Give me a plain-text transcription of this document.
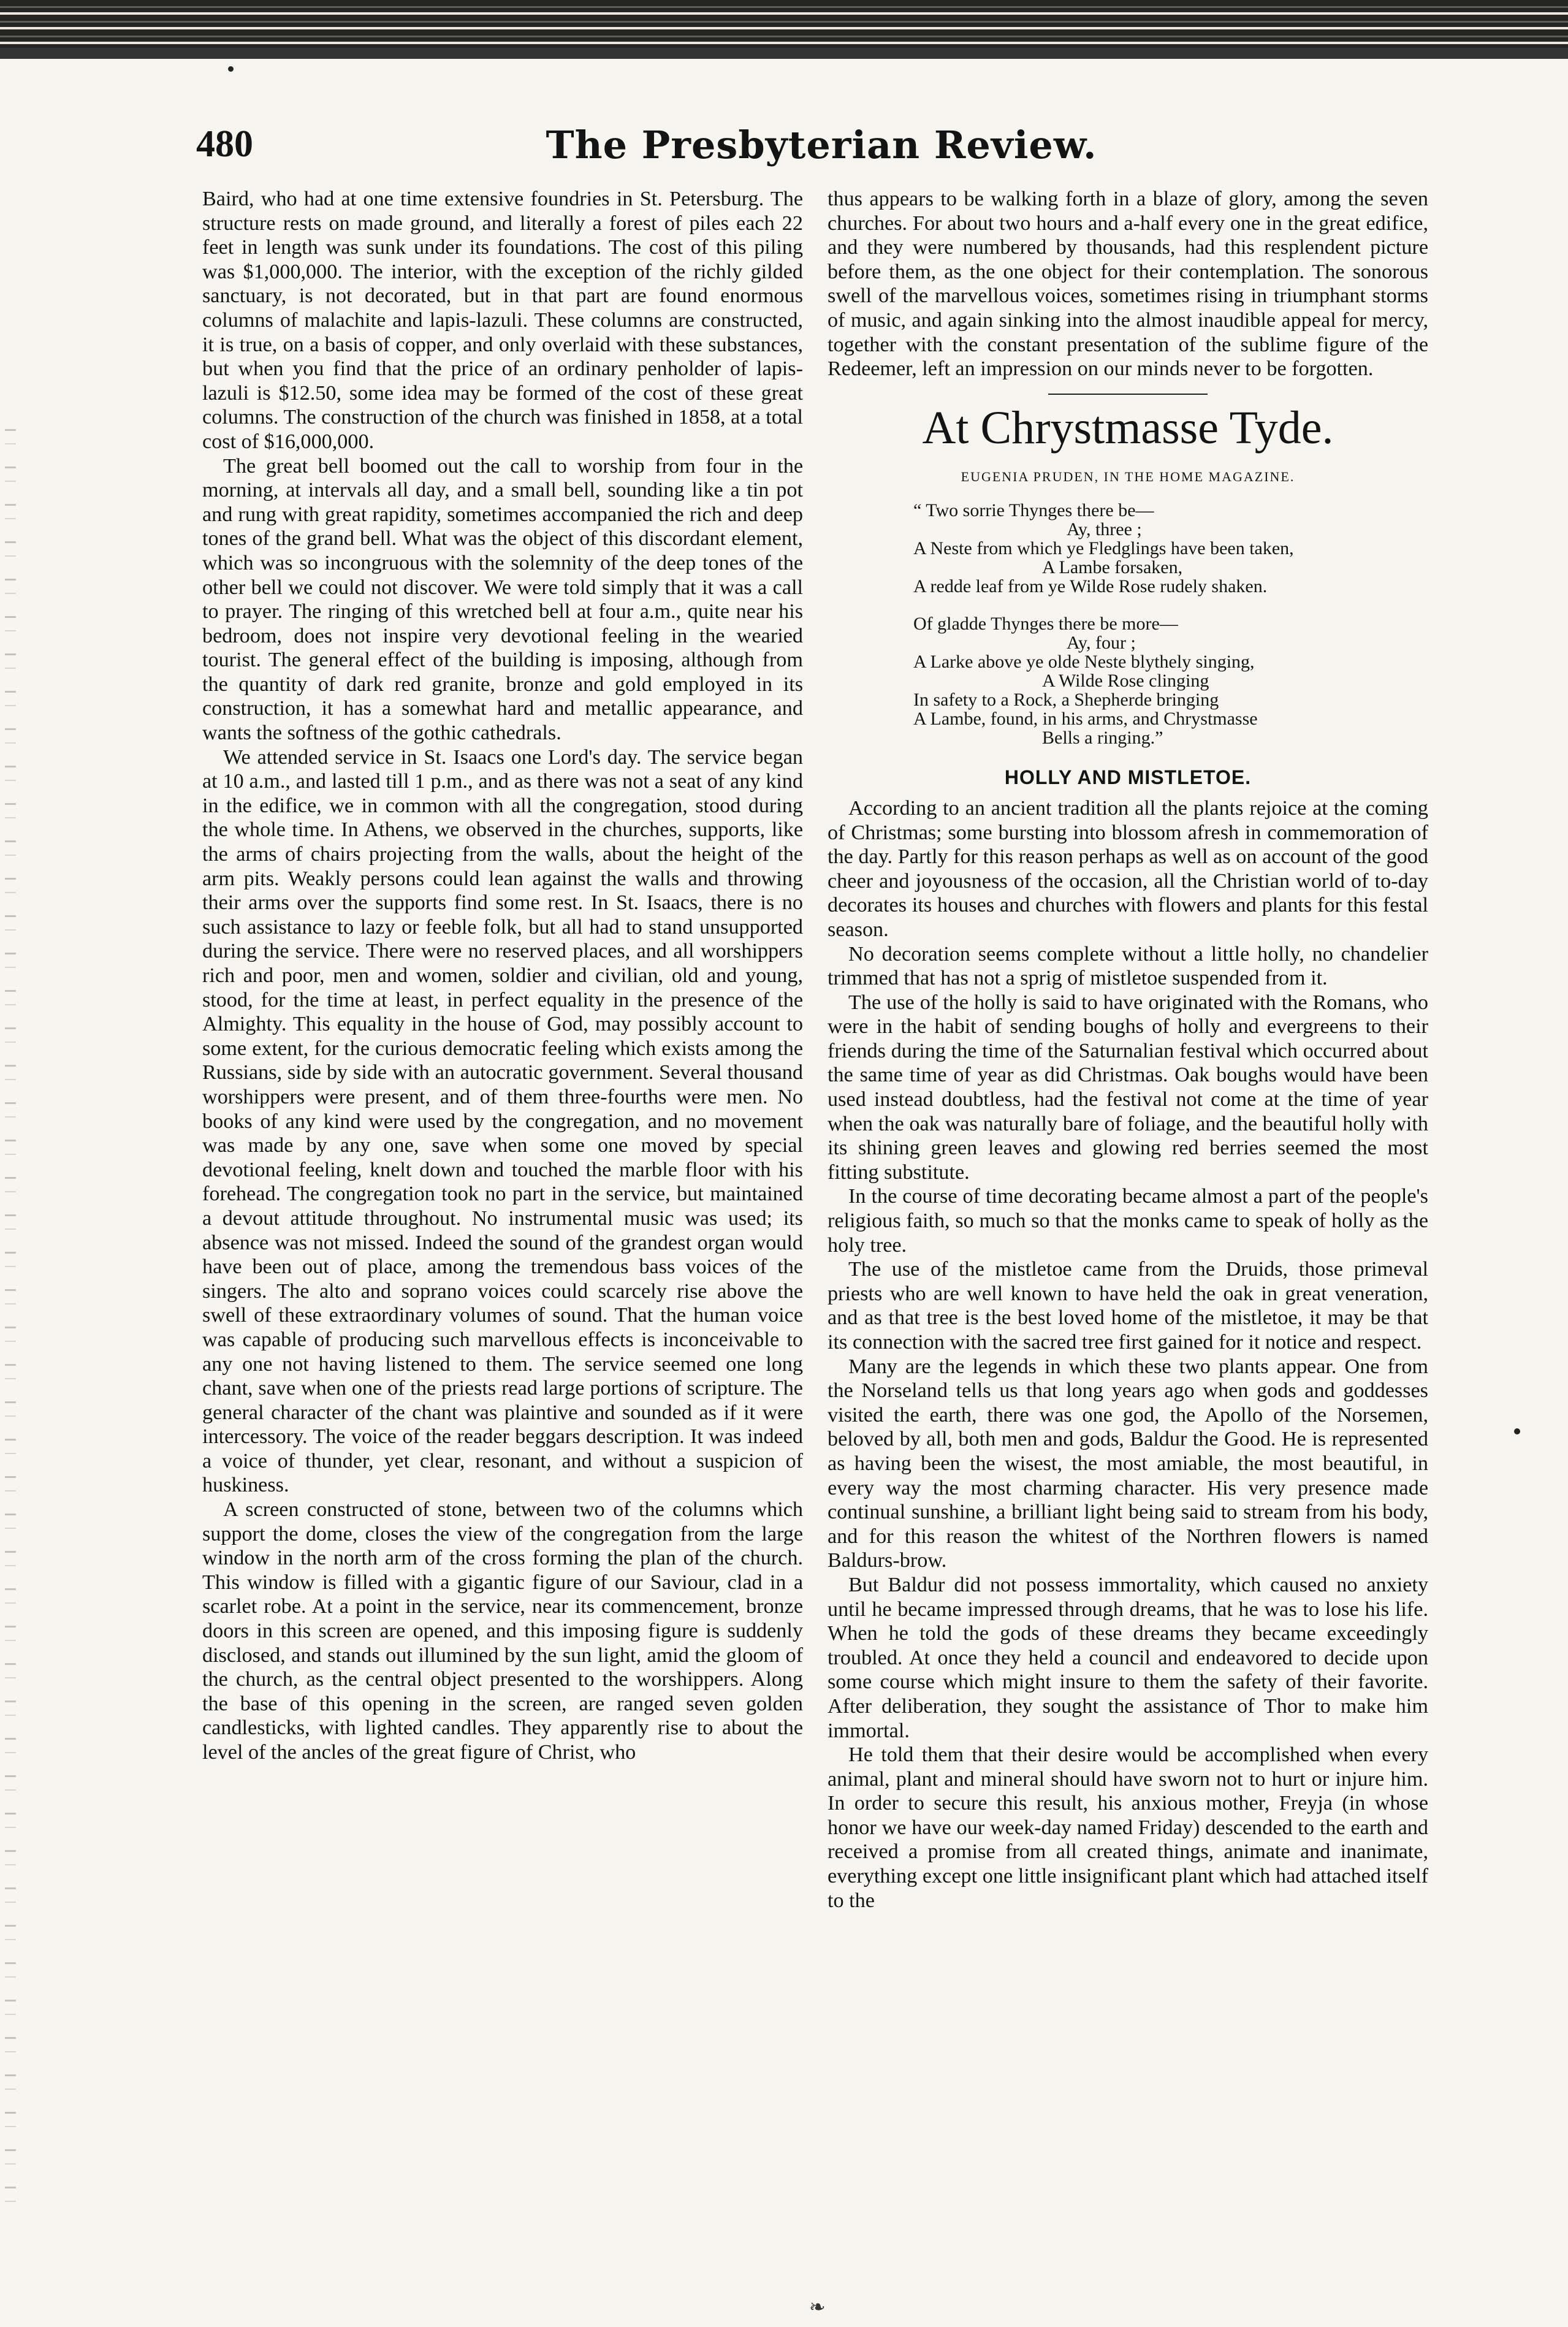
480	The Presbyterian Review.

Baird, who had at one time extensive foundries in St. Petersburg. The structure rests on made ground, and literally a forest of piles each 22 feet in length was sunk under its foundations. The cost of this piling was $1,000,000. The interior, with the exception of the richly gilded sanctuary, is not decorated, but in that part are found enormous columns of malachite and lapis-lazuli. These columns are constructed, it is true, on a basis of copper, and only overlaid with these substances, but when you find that the price of an ordinary penholder of lapis-lazuli is $12.50, some idea may be formed of the cost of these great columns. The construction of the church was finished in 1858, at a total cost of $16,000,000.

The great bell boomed out the call to worship from four in the morning, at intervals all day, and a small bell, sounding like a tin pot and rung with great rapidity, sometimes accompanied the rich and deep tones of the grand bell. What was the object of this discordant element, which was so incongruous with the solemnity of the deep tones of the other bell we could not discover. We were told simply that it was a call to prayer. The ringing of this wretched bell at four a.m., quite near his bedroom, does not inspire very devotional feeling in the wearied tourist. The general effect of the building is imposing, although from the quantity of dark red granite, bronze and gold employed in its construction, it has a somewhat hard and metallic appearance, and wants the softness of the gothic cathedrals.

We attended service in St. Isaacs one Lord's day. The service began at 10 a.m., and lasted till 1 p.m., and as there was not a seat of any kind in the edifice, we in common with all the congregation, stood during the whole time. In Athens, we observed in the churches, supports, like the arms of chairs projecting from the walls, about the height of the arm pits. Weakly persons could lean against the walls and throwing their arms over the supports find some rest. In St. Isaacs, there is no such assistance to lazy or feeble folk, but all had to stand unsupported during the service. There were no reserved places, and all worshippers rich and poor, men and women, soldier and civilian, old and young, stood, for the time at least, in perfect equality in the presence of the Almighty. This equality in the house of God, may possibly account to some extent, for the curious democratic feeling which exists among the Russians, side by side with an autocratic government. Several thousand worshippers were present, and of them three-fourths were men. No books of any kind were used by the congregation, and no movement was made by any one, save when some one moved by special devotional feeling, knelt down and touched the marble floor with his forehead. The congregation took no part in the service, but maintained a devout attitude throughout. No instrumental music was used; its absence was not missed. Indeed the sound of the grandest organ would have been out of place, among the tremendous bass voices of the singers. The alto and soprano voices could scarcely rise above the swell of these extraordinary volumes of sound. That the human voice was capable of producing such marvellous effects is inconceivable to any one not having listened to them. The service seemed one long chant, save when one of the priests read large portions of scripture. The general character of the chant was plaintive and sounded as if it were intercessory. The voice of the reader beggars description. It was indeed a voice of thunder, yet clear, resonant, and without a suspicion of huskiness.

A screen constructed of stone, between two of the columns which support the dome, closes the view of the congregation from the large window in the north arm of the cross forming the plan of the church. This window is filled with a gigantic figure of our Saviour, clad in a scarlet robe. At a point in the service, near its commencement, bronze doors in this screen are opened, and this imposing figure is suddenly disclosed, and stands out illumined by the sun light, amid the gloom of the church, as the central object presented to the worshippers. Along the base of this opening in the screen, are ranged seven golden candlesticks, with lighted candles. They apparently rise to about the level of the ancles of the great figure of Christ, who

thus appears to be walking forth in a blaze of glory, among the seven churches. For about two hours and a-half every one in the great edifice, and they were numbered by thousands, had this resplendent picture before them, as the one object for their contemplation. The sonorous swell of the marvellous voices, sometimes rising in triumphant storms of music, and again sinking into the almost inaudible appeal for mercy, together with the constant presentation of the sublime figure of the Redeemer, left an impression on our minds never to be forgotten.

At Chrystmasse Tyde.
EUGENIA PRUDEN, IN THE HOME MAGAZINE.
“ Two sorrie Thynges there be—
Ay, three ;
A Neste from which ye Fledglings have been taken,
A Lambe forsaken,
A redde leaf from ye Wilde Rose rudely shaken.
Of gladde Thynges there be more—
Ay, four ;
A Larke above ye olde Neste blythely singing,
A Wilde Rose clinging
In safety to a Rock, a Shepherde bringing
A Lambe, found, in his arms, and Chrystmasse
Bells a ringing.”
HOLLY AND MISTLETOE.

According to an ancient tradition all the plants rejoice at the coming of Christmas; some bursting into blossom afresh in commemoration of the day. Partly for this reason perhaps as well as on account of the good cheer and joyousness of the occasion, all the Christian world of to-day decorates its houses and churches with flowers and plants for this festal season.

No decoration seems complete without a little holly, no chandelier trimmed that has not a sprig of mistletoe suspended from it.

The use of the holly is said to have originated with the Romans, who were in the habit of sending boughs of holly and evergreens to their friends during the time of the Saturnalian festival which occurred about the same time of year as did Christmas. Oak boughs would have been used instead doubtless, had the festival not come at the time of year when the oak was naturally bare of foliage, and the beautiful holly with its shining green leaves and glowing red berries seemed the most fitting substitute.

In the course of time decorating became almost a part of the people's religious faith, so much so that the monks came to speak of holly as the holy tree.

The use of the mistletoe came from the Druids, those primeval priests who are well known to have held the oak in great veneration, and as that tree is the best loved home of the mistletoe, it may be that its connection with the sacred tree first gained for it notice and respect.

Many are the legends in which these two plants appear. One from the Norseland tells us that long years ago when gods and goddesses visited the earth, there was one god, the Apollo of the Norsemen, beloved by all, both men and gods, Baldur the Good. He is represented as having been the wisest, the most amiable, the most beautiful, in every way the most charming character. His very presence made continual sunshine, a brilliant light being said to stream from his body, and for this reason the whitest of the Northren flowers is named Baldurs-brow.

But Baldur did not possess immortality, which caused no anxiety until he became impressed through dreams, that he was to lose his life. When he told the gods of these dreams they became exceedingly troubled. At once they held a council and endeavored to decide upon some course which might insure to them the safety of their favorite. After deliberation, they sought the assistance of Thor to make him immortal.

He told them that their desire would be accomplished when every animal, plant and mineral should have sworn not to hurt or injure him. In order to secure this result, his anxious mother, Freyja (in whose honor we have our week-day named Friday) descended to the earth and received a promise from all created things, animate and inanimate, everything except one little insignificant plant which had attached itself to the

❧
